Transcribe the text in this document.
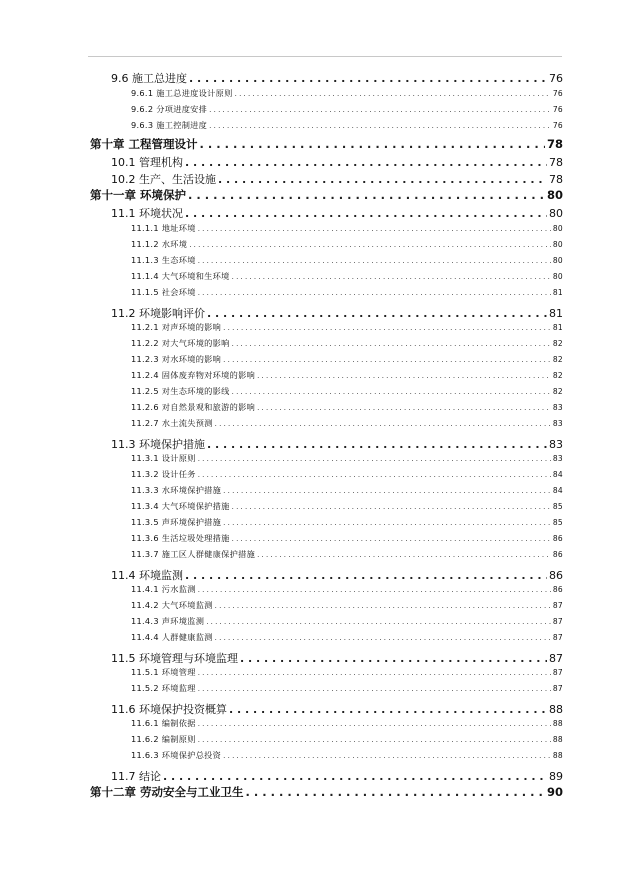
9.6 施工总进度 . . .	76
9.6.1 施工总进度设计原则 . . .	76
9.6.2 分项进度安排 . . .	76
9.6.3 施工控制进度 . . .	76
第十章 工程管理设计 . . .	78
10.1 管理机构 . . .	78
10.2 生产、生活设施 . . .	78
第十一章 环境保护 . . .	80
11.1 环境状况 . . .	80
11.1.1 地址环境 . . .	80
11.1.2 水环境 . . .	80
11.1.3 生态环境 . . .	80
11.1.4 大气环境和生环境 . . .	80
11.1.5 社会环境 . . .	81
11.2 环境影响评价 . . .	81
11.2.1 对声环境的影响 . . .	81
11.2.2 对大气环境的影响 . . .	82
11.2.3 对水环境的影响 . . .	82
11.2.4 固体废弃物对环境的影响 . . .	82
11.2.5 对生态环境的影线 . . .	82
11.2.6 对自然景观和旅游的影响 . . .	83
11.2.7 水土流失预测 . . .	83
11.3 环境保护措施 . . .	83
11.3.1 设计原则 . . .	83
11.3.2 设计任务 . . .	84
11.3.3 水环境保护措施 . . .	84
11.3.4 大气环境保护措施 . . .	85
11.3.5 声环境保护措施 . . .	85
11.3.6 生活垃圾处理措施 . . .	86
11.3.7 施工区人群健康保护措施 . . .	86
11.4 环境监测 . . .	86
11.4.1 污水监测 . . .	86
11.4.2 大气环境监测 . . .	87
11.4.3 声环境监测 . . .	87
11.4.4 人群健康监测 . . .	87
11.5 环境管理与环境监理 . . .	87
11.5.1 环境管理 . . .	87
11.5.2 环境监理 . . .	87
11.6 环境保护投资概算 . . .	88
11.6.1 编制依据 . . .	88
11.6.2 编制原则 . . .	88
11.6.3 环境保护总投资 . . .	88
11.7 结论 . . .	89
第十二章 劳动安全与工业卫生 . . .	90
